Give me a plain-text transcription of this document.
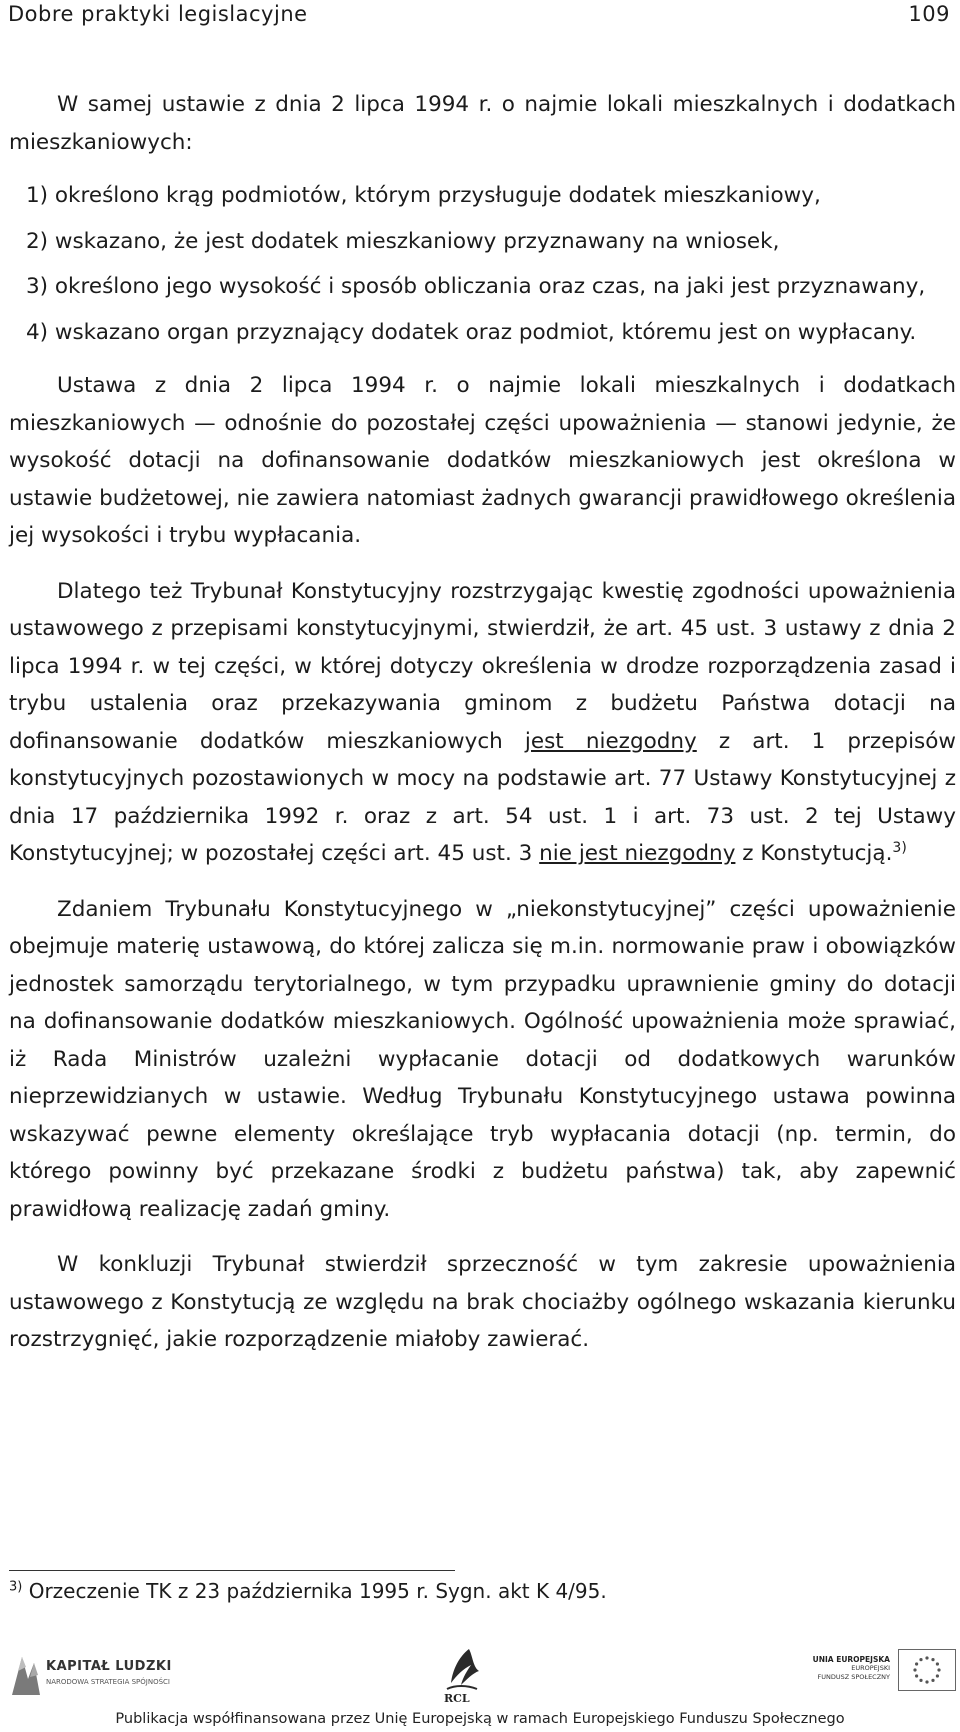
Dobre praktyki legislacyjne	109

W samej ustawie z dnia 2 lipca 1994 r. o najmie lokali mieszkalnych i dodatkach mieszkaniowych:

1) określono krąg podmiotów, którym przysługuje dodatek mieszkaniowy,
2) wskazano, że jest dodatek mieszkaniowy przyznawany na wniosek,
3) określono jego wysokość i sposób obliczania oraz czas, na jaki jest przyznawany,
4) wskazano organ przyznający dodatek oraz podmiot, któremu jest on wypłacany.

Ustawa z dnia 2 lipca 1994 r. o najmie lokali mieszkalnych i dodatkach mieszkaniowych — odnośnie do pozostałej części upoważnienia — stanowi jedynie, że wysokość dotacji na dofinansowanie dodatków mieszkaniowych jest określona w ustawie budżetowej, nie zawiera natomiast żadnych gwarancji prawidłowego określenia jej wysokości i trybu wypłacania.

Dlatego też Trybunał Konstytucyjny rozstrzygając kwestię zgodności upoważnienia ustawowego z przepisami konstytucyjnymi, stwierdził, że art. 45 ust. 3 ustawy z dnia 2 lipca 1994 r. w tej części, w której dotyczy określenia w drodze rozporządzenia zasad i trybu ustalenia oraz przekazywania gminom z budżetu Państwa dotacji na dofinansowanie dodatków mieszkaniowych jest niezgodny z art. 1 przepisów konstytucyjnych pozostawionych w mocy na podstawie art. 77 Ustawy Konstytucyjnej z dnia 17 października 1992 r. oraz z art. 54 ust. 1 i art. 73 ust. 2 tej Ustawy Konstytucyjnej; w pozostałej części art. 45 ust. 3 nie jest niezgodny z Konstytucją.$^{3)}$

Zdaniem Trybunału Konstytucyjnego w „niekonstytucyjnej” części upoważnienie obejmuje materię ustawową, do której zalicza się m.in. normowanie praw i obowiązków jednostek samorządu terytorialnego, w tym przypadku uprawnienie gminy do dotacji na dofinansowanie dodatków mieszkaniowych. Ogólność upoważnienia może sprawiać, iż Rada Ministrów uzależni wypłacanie dotacji od dodatkowych warunków nieprzewidzianych w ustawie. Według Trybunału Konstytucyjnego ustawa powinna wskazywać pewne elementy określające tryb wypłacania dotacji (np. termin, do którego powinny być przekazane środki z budżetu państwa) tak, aby zapewnić prawidłową realizację zadań gminy.

W konkluzji Trybunał stwierdził sprzeczność w tym zakresie upoważnienia ustawowego z Konstytucją ze względu na brak chociażby ogólnego wskazania kierunku rozstrzygnięć, jakie rozporządzenie miałoby zawierać.

$^{3)}$ Orzeczenie TK z 23 października 1995 r. Sygn. akt K 4/95.
KAPITAŁ LUDZKI
NARODOWA STRATEGIA SPÓJNOŚCI
RCL
UNIA EUROPEJSKA
EUROPEJSKI
FUNDUSZ SPOŁECZNY
Publikacja współfinansowana przez Unię Europejską w ramach Europejskiego Funduszu Społecznego
